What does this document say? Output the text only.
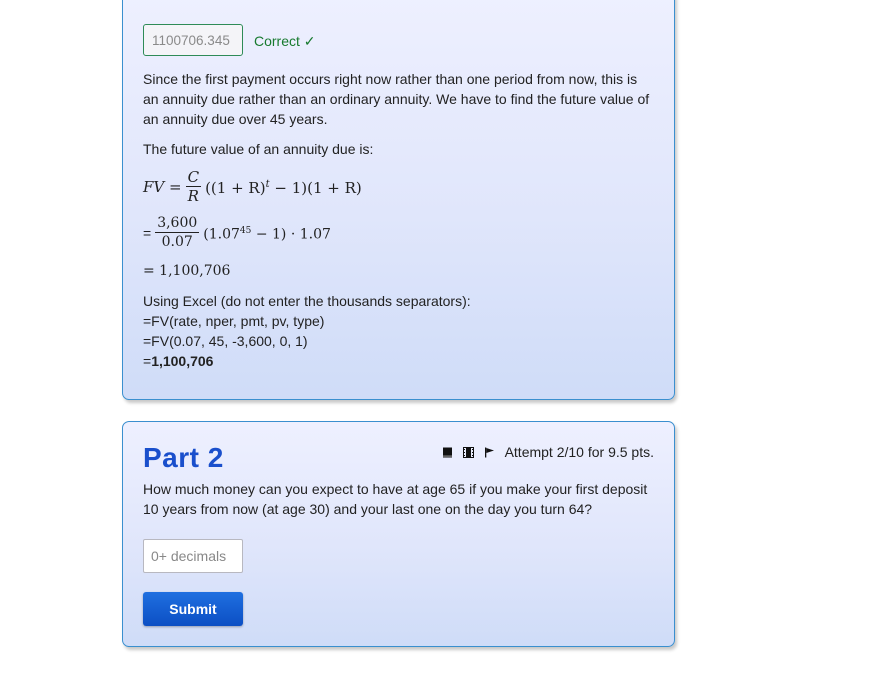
1100706.345	Correct ✓
Since the first payment occurs right now rather than one period from now, this is
an annuity due rather than an ordinary annuity. We have to find the future value of
an annuity due over 45 years.
The future value of an annuity due is:
FV = $\frac{C}{R} ((1 + R)^t - 1)(1 + R)$
= $\frac{3,600}{0.07} (1.07^{45} - 1) \cdot 1.07$
= 1,100,706
Using Excel (do not enter the thousands separators):
=FV(rate, nper, pmt, pv, type)
=FV(0.07, 45, -3,600, 0, 1)
=1,100,706
Part 2	Attempt 2/10 for 9.5 pts.
How much money can you expect to have at age 65 if you make your first deposit
10 years from now (at age 30) and your last one on the day you turn 64?
0+ decimals
Submit
